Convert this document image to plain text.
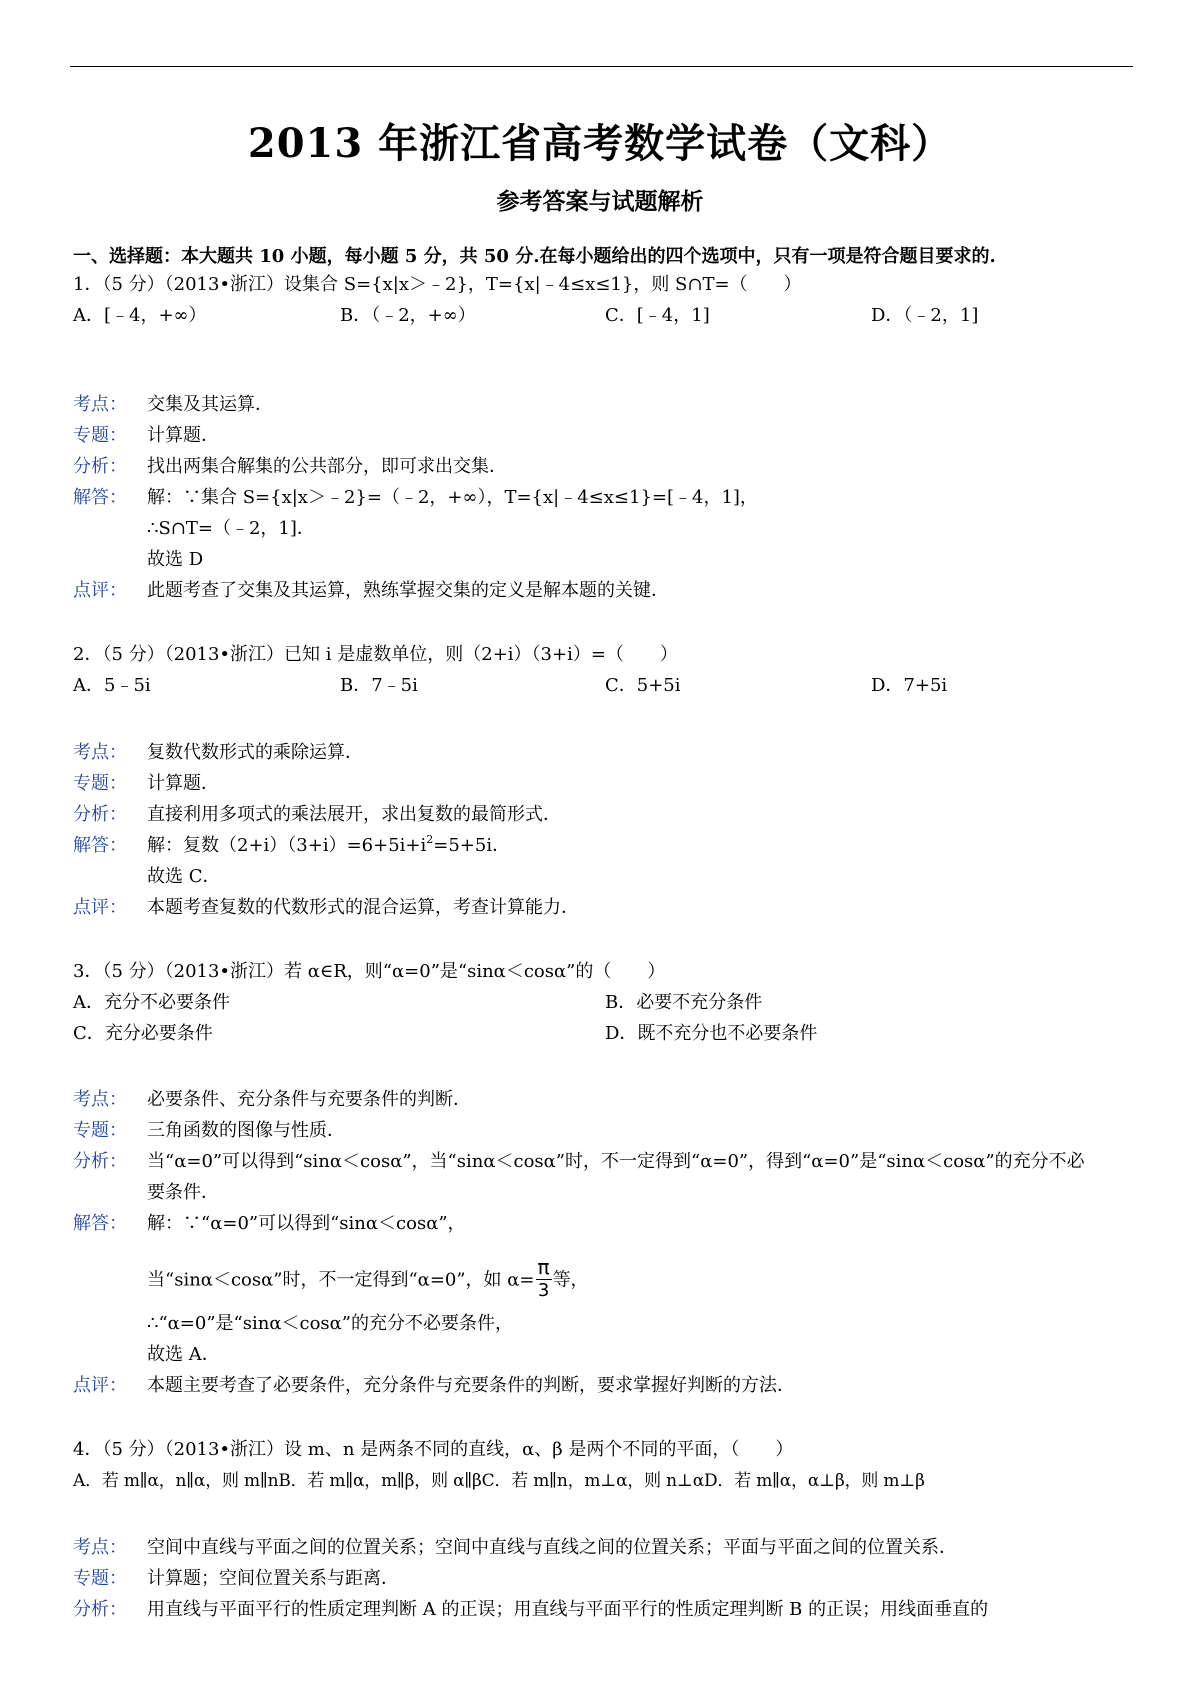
2013 年浙江省高考数学试卷（文科）
参考答案与试题解析
一、选择题：本大题共 10 小题，每小题 5 分，共 50 分.在每小题给出的四个选项中，只有一项是符合题目要求的.
1．（5 分）（2013•浙江）设集合 S={x|x＞﹣2}，T={x|﹣4≤x≤1}，则 S∩T=（　　）
A．[﹣4，+∞）	B．（﹣2，+∞）	C．[﹣4，1]	D．（﹣2，1]
考点： 交集及其运算．
专题： 计算题．
分析： 找出两集合解集的公共部分，即可求出交集．
解答： 解：∵集合 S={x|x＞﹣2}=（﹣2，+∞），T={x|﹣4≤x≤1}=[﹣4，1]，
∴S∩T=（﹣2，1]．
故选 D
点评： 此题考查了交集及其运算，熟练掌握交集的定义是解本题的关键．
2．（5 分）（2013•浙江）已知 i 是虚数单位，则（2+i）（3+i）=（　　）
A．5﹣5i	B．7﹣5i	C．5+5i	D．7+5i
考点： 复数代数形式的乘除运算．
专题： 计算题．
分析： 直接利用多项式的乘法展开，求出复数的最简形式．
解答： 解：复数$(2+i)(3+i)=6+5i+i^2=5+5i$．
故选 C．
点评： 本题考查复数的代数形式的混合运算，考查计算能力．
3．（5 分）（2013•浙江）若 α∈R，则“α=0”是“sinα＜cosα”的（　　）
A．充分不必要条件	B．必要不充分条件
C．充分必要条件	D．既不充分也不必要条件
考点： 必要条件、充分条件与充要条件的判断．
专题： 三角函数的图像与性质．
分析： 当“α=0”可以得到“sinα＜cosα”，当“sinα＜cosα”时，不一定得到“α=0”，得到“α=0”是“sinα＜cosα”的充分不必
要条件．
解答： 解：∵“α=0”可以得到“sinα＜cosα”，
当“sinα＜cosα”时，不一定得到“α=0”，如 $\alpha= \frac{\pi}{3}$ 等，
∴“α=0”是“sinα＜cosα”的充分不必要条件，
故选 A．
点评： 本题主要考查了必要条件，充分条件与充要条件的判断，要求掌握好判断的方法．
4．（5 分）（2013•浙江）设 m、n 是两条不同的直线，α、β 是两个不同的平面，（　　）
A．若 m∥α，n∥α，则 m∥nB．若 m∥α，m∥β，则 α∥βC．若 m∥n，m⊥α，则 n⊥αD．若 m∥α，α⊥β，则 m⊥β
考点： 空间中直线与平面之间的位置关系；空间中直线与直线之间的位置关系；平面与平面之间的位置关系．
专题： 计算题；空间位置关系与距离．
分析： 用直线与平面平行的性质定理判断 A 的正误；用直线与平面平行的性质定理判断 B 的正误；用线面垂直的
